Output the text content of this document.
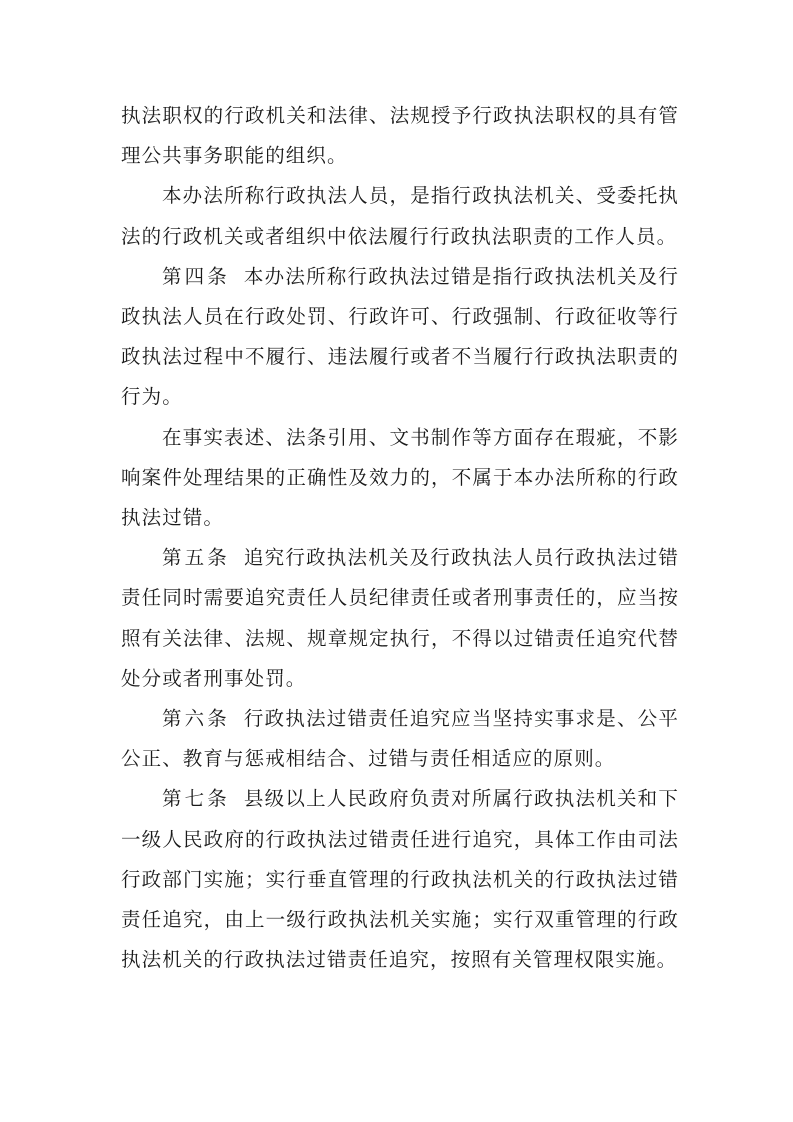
执法职权的行政机关和法律、法规授予行政执法职权的具有管理公共事务职能的组织。

本办法所称行政执法人员，是指行政执法机关、受委托执法的行政机关或者组织中依法履行行政执法职责的工作人员。

第四条 本办法所称行政执法过错是指行政执法机关及行政执法人员在行政处罚、行政许可、行政强制、行政征收等行政执法过程中不履行、违法履行或者不当履行行政执法职责的行为。

在事实表述、法条引用、文书制作等方面存在瑕疵，不影响案件处理结果的正确性及效力的，不属于本办法所称的行政执法过错。

第五条 追究行政执法机关及行政执法人员行政执法过错责任同时需要追究责任人员纪律责任或者刑事责任的，应当按照有关法律、法规、规章规定执行，不得以过错责任追究代替处分或者刑事处罚。

第六条 行政执法过错责任追究应当坚持实事求是、公平公正、教育与惩戒相结合、过错与责任相适应的原则。

第七条 县级以上人民政府负责对所属行政执法机关和下一级人民政府的行政执法过错责任进行追究，具体工作由司法行政部门实施；实行垂直管理的行政执法机关的行政执法过错责任追究，由上一级行政执法机关实施；实行双重管理的行政执法机关的行政执法过错责任追究，按照有关管理权限实施。
